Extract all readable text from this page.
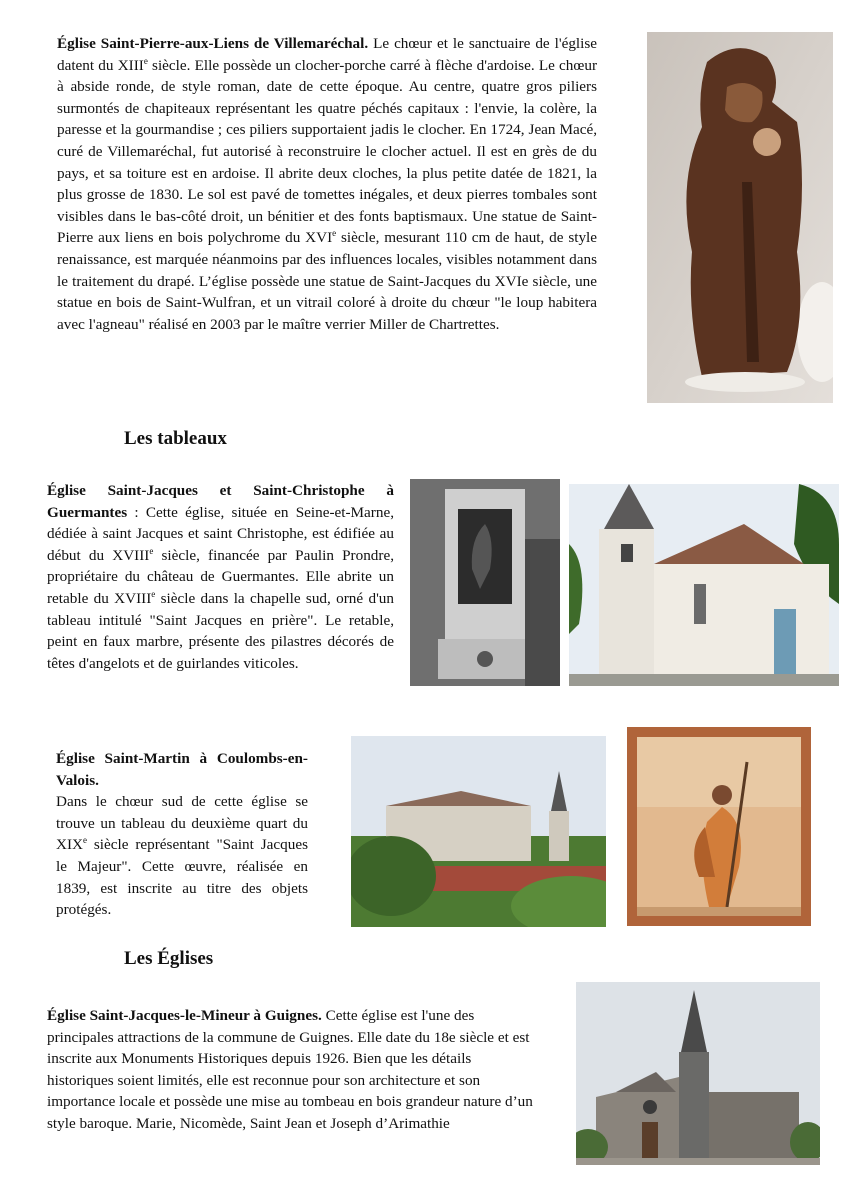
Église Saint-Pierre-aux-Liens de Villemaréchal. Le chœur et le sanctuaire de l'église datent du XIIIe siècle. Elle possède un clocher-porche carré à flèche d'ardoise. Le chœur à abside ronde, de style roman, date de cette époque. Au centre, quatre gros piliers surmontés de chapiteaux représentant les quatre péchés capitaux : l'envie, la colère, la paresse et la gourmandise ; ces piliers supportaient jadis le clocher. En 1724, Jean Macé, curé de Villemaréchal, fut autorisé à reconstruire le clocher actuel. Il est en grès de du pays, et sa toiture est en ardoise. Il abrite deux cloches, la plus petite datée de 1821, la plus grosse de 1830. Le sol est pavé de tomettes inégales, et deux pierres tombales sont visibles dans le bas-côté droit, un bénitier et des fonts baptismaux. Une statue de Saint-Pierre aux liens en bois polychrome du XVIe siècle, mesurant 110 cm de haut, de style renaissance, est marquée néanmoins par des influences locales, visibles notamment dans le traitement du drapé. L’église possède une statue de Saint-Jacques du XVIe siècle, une statue en bois de Saint-Wulfran, et un vitrail coloré à droite du chœur "le loup habitera avec l'agneau" réalisé en 2003 par le maître verrier Miller de Chartrettes.

Les tableaux

Église Saint-Jacques et Saint-Christophe à Guermantes : Cette église, située en Seine-et-Marne, dédiée à saint Jacques et saint Christophe, est édifiée au début du XVIIIe siècle, financée par Paulin Prondre, propriétaire du château de Guermantes. Elle abrite un retable du XVIIIe siècle dans la chapelle sud, orné d'un tableau intitulé "Saint Jacques en prière". Le retable, peint en faux marbre, présente des pilastres décorés de têtes d'angelots et de guirlandes viticoles.

Église Saint-Martin à Coulombs-en-Valois.
Dans le chœur sud de cette église se trouve un tableau du deuxième quart du XIXe siècle représentant "Saint Jacques le Majeur". Cette œuvre, réalisée en 1839, est inscrite au titre des objets protégés.

Les Églises

Église Saint-Jacques-le-Mineur à Guignes. Cette église est l'une des principales attractions de la commune de Guignes. Elle date du 18e siècle et est inscrite aux Monuments Historiques depuis 1926. Bien que les détails historiques soient limités, elle est reconnue pour son architecture et son importance locale et possède une mise au tombeau en bois grandeur nature d’un style baroque. Marie, Nicomède, Saint Jean et Joseph d’Arimathie
